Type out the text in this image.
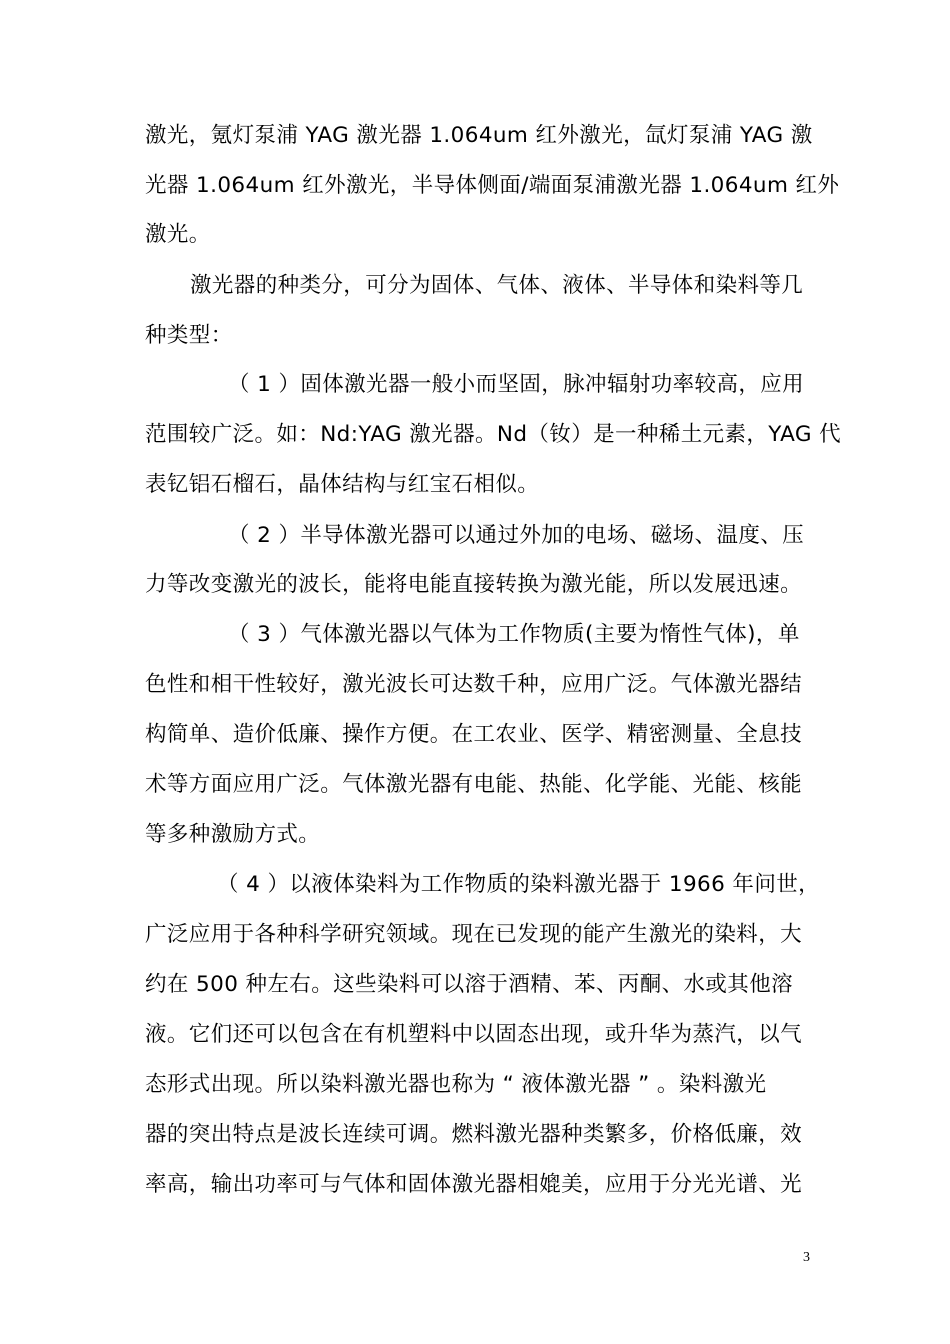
激光，氪灯泵浦 YAG 激光器 1.064um 红外激光，氙灯泵浦 YAG 激
光器 1.064um 红外激光，半导体侧面/端面泵浦激光器 1.064um 红外
激光。
激光器的种类分，可分为固体、气体、液体、半导体和染料等几
种类型：
（ 1 ）固体激光器一般小而坚固，脉冲辐射功率较高，应用
范围较广泛。如：Nd:YAG 激光器。Nd（钕）是一种稀土元素，YAG 代
表钇铝石榴石，晶体结构与红宝石相似。
（ 2 ）半导体激光器可以通过外加的电场、磁场、温度、压
力等改变激光的波长，能将电能直接转换为激光能，所以发展迅速。
（ 3 ）气体激光器以气体为工作物质(主要为惰性气体)，单
色性和相干性较好，激光波长可达数千种，应用广泛。气体激光器结
构简单、造价低廉、操作方便。在工农业、医学、精密测量、全息技
术等方面应用广泛。气体激光器有电能、热能、化学能、光能、核能
等多种激励方式。
（ 4 ）以液体染料为工作物质的染料激光器于 1966 年问世，
广泛应用于各种科学研究领域。现在已发现的能产生激光的染料，大
约在 500 种左右。这些染料可以溶于酒精、苯、丙酮、水或其他溶
液。它们还可以包含在有机塑料中以固态出现，或升华为蒸汽，以气
态形式出现。所以染料激光器也称为 “ 液体激光器 ” 。染料激光
器的突出特点是波长连续可调。燃料激光器种类繁多，价格低廉，效
率高，输出功率可与气体和固体激光器相媲美，应用于分光光谱、光
3
